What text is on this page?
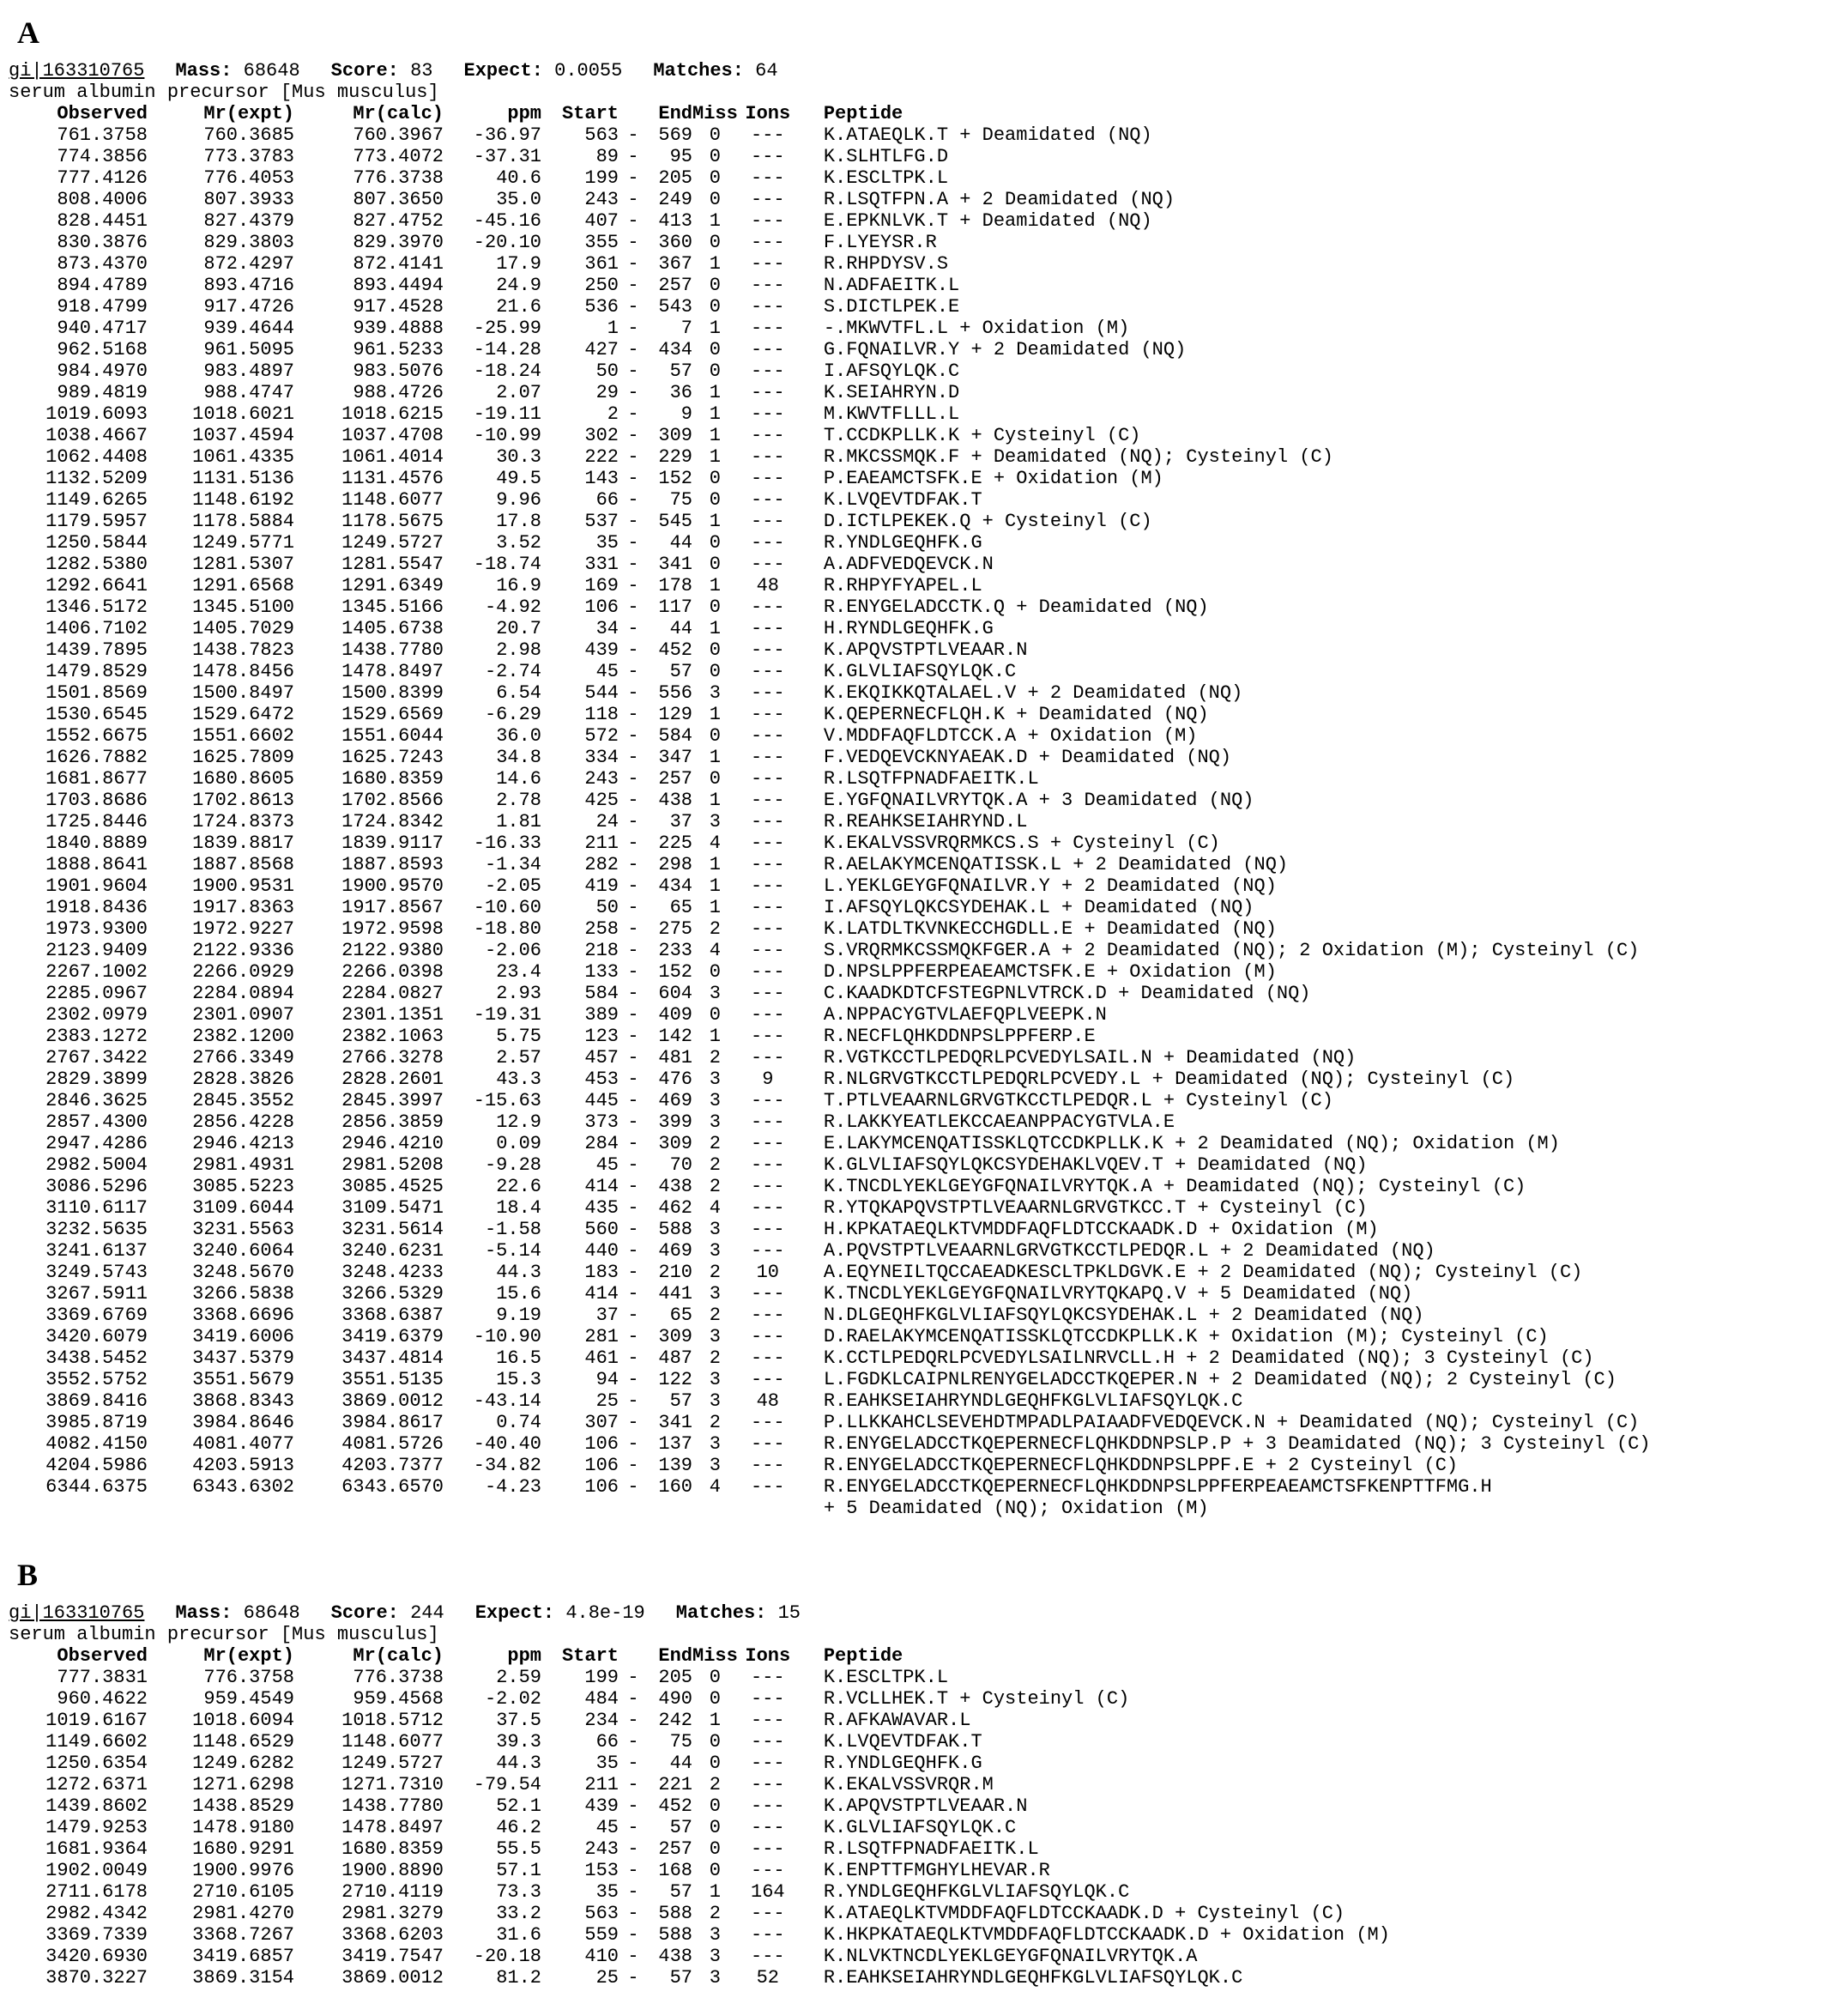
A
gi|163310765 Mass: 68648 Score: 83 Expect: 0.0055 Matches: 64
serum albumin precursor [Mus musculus]
Observed	Mr(expt)	Mr(calc)	ppm	Start		End	Miss	Ions	Peptide
761.3758	760.3685	760.3967	-36.97	563	-	569	0	---	K.ATAEQLK.T + Deamidated (NQ)
774.3856	773.3783	773.4072	-37.31	89	-	95	0	---	K.SLHTLFG.D
777.4126	776.4053	776.3738	40.6	199	-	205	0	---	K.ESCLTPK.L
808.4006	807.3933	807.3650	35.0	243	-	249	0	---	R.LSQTFPN.A + 2 Deamidated (NQ)
828.4451	827.4379	827.4752	-45.16	407	-	413	1	---	E.EPKNLVK.T + Deamidated (NQ)
830.3876	829.3803	829.3970	-20.10	355	-	360	0	---	F.LYEYSR.R
873.4370	872.4297	872.4141	17.9	361	-	367	1	---	R.RHPDYSV.S
894.4789	893.4716	893.4494	24.9	250	-	257	0	---	N.ADFAEITK.L
918.4799	917.4726	917.4528	21.6	536	-	543	0	---	S.DICTLPEK.E
940.4717	939.4644	939.4888	-25.99	1	-	7	1	---	-.MKWVTFL.L + Oxidation (M)
962.5168	961.5095	961.5233	-14.28	427	-	434	0	---	G.FQNAILVR.Y + 2 Deamidated (NQ)
984.4970	983.4897	983.5076	-18.24	50	-	57	0	---	I.AFSQYLQK.C
989.4819	988.4747	988.4726	2.07	29	-	36	1	---	K.SEIAHRYN.D
1019.6093	1018.6021	1018.6215	-19.11	2	-	9	1	---	M.KWVTFLLL.L
1038.4667	1037.4594	1037.4708	-10.99	302	-	309	1	---	T.CCDKPLLK.K + Cysteinyl (C)
1062.4408	1061.4335	1061.4014	30.3	222	-	229	1	---	R.MKCSSMQK.F + Deamidated (NQ); Cysteinyl (C)
1132.5209	1131.5136	1131.4576	49.5	143	-	152	0	---	P.EAEAMCTSFK.E + Oxidation (M)
1149.6265	1148.6192	1148.6077	9.96	66	-	75	0	---	K.LVQEVTDFAK.T
1179.5957	1178.5884	1178.5675	17.8	537	-	545	1	---	D.ICTLPEKEK.Q + Cysteinyl (C)
1250.5844	1249.5771	1249.5727	3.52	35	-	44	0	---	R.YNDLGEQHFK.G
1282.5380	1281.5307	1281.5547	-18.74	331	-	341	0	---	A.ADFVEDQEVCK.N
1292.6641	1291.6568	1291.6349	16.9	169	-	178	1	48	R.RHPYFYAPEL.L
1346.5172	1345.5100	1345.5166	-4.92	106	-	117	0	---	R.ENYGELADCCTK.Q + Deamidated (NQ)
1406.7102	1405.7029	1405.6738	20.7	34	-	44	1	---	H.RYNDLGEQHFK.G
1439.7895	1438.7823	1438.7780	2.98	439	-	452	0	---	K.APQVSTPTLVEAAR.N
1479.8529	1478.8456	1478.8497	-2.74	45	-	57	0	---	K.GLVLIAFSQYLQK.C
1501.8569	1500.8497	1500.8399	6.54	544	-	556	3	---	K.EKQIKKQTALAEL.V + 2 Deamidated (NQ)
1530.6545	1529.6472	1529.6569	-6.29	118	-	129	1	---	K.QEPERNECFLQH.K + Deamidated (NQ)
1552.6675	1551.6602	1551.6044	36.0	572	-	584	0	---	V.MDDFAQFLDTCCK.A + Oxidation (M)
1626.7882	1625.7809	1625.7243	34.8	334	-	347	1	---	F.VEDQEVCKNYAEAK.D + Deamidated (NQ)
1681.8677	1680.8605	1680.8359	14.6	243	-	257	0	---	R.LSQTFPNADFAEITK.L
1703.8686	1702.8613	1702.8566	2.78	425	-	438	1	---	E.YGFQNAILVRYTQK.A + 3 Deamidated (NQ)
1725.8446	1724.8373	1724.8342	1.81	24	-	37	3	---	R.REAHKSEIAHRYND.L
1840.8889	1839.8817	1839.9117	-16.33	211	-	225	4	---	K.EKALVSSVRQRMKCS.S + Cysteinyl (C)
1888.8641	1887.8568	1887.8593	-1.34	282	-	298	1	---	R.AELAKYMCENQATISSK.L + 2 Deamidated (NQ)
1901.9604	1900.9531	1900.9570	-2.05	419	-	434	1	---	L.YEKLGEYGFQNAILVR.Y + 2 Deamidated (NQ)
1918.8436	1917.8363	1917.8567	-10.60	50	-	65	1	---	I.AFSQYLQKCSYDEHAK.L + Deamidated (NQ)
1973.9300	1972.9227	1972.9598	-18.80	258	-	275	2	---	K.LATDLTKVNKECCHGDLL.E + Deamidated (NQ)
2123.9409	2122.9336	2122.9380	-2.06	218	-	233	4	---	S.VRQRMKCSSMQKFGER.A + 2 Deamidated (NQ); 2 Oxidation (M); Cysteinyl (C)
2267.1002	2266.0929	2266.0398	23.4	133	-	152	0	---	D.NPSLPPFERPEAEAMCTSFK.E + Oxidation (M)
2285.0967	2284.0894	2284.0827	2.93	584	-	604	3	---	C.KAADKDTCFSTEGPNLVTRCK.D + Deamidated (NQ)
2302.0979	2301.0907	2301.1351	-19.31	389	-	409	0	---	A.NPPACYGTVLAEFQPLVEEPK.N
2383.1272	2382.1200	2382.1063	5.75	123	-	142	1	---	R.NECFLQHKDDNPSLPPFERP.E
2767.3422	2766.3349	2766.3278	2.57	457	-	481	2	---	R.VGTKCCTLPEDQRLPCVEDYLSAIL.N + Deamidated (NQ)
2829.3899	2828.3826	2828.2601	43.3	453	-	476	3	9	R.NLGRVGTKCCTLPEDQRLPCVEDY.L + Deamidated (NQ); Cysteinyl (C)
2846.3625	2845.3552	2845.3997	-15.63	445	-	469	3	---	T.PTLVEAARNLGRVGTKCCTLPEDQR.L + Cysteinyl (C)
2857.4300	2856.4228	2856.3859	12.9	373	-	399	3	---	R.LAKKYEATLEKCCAEANPPACYGTVLA.E
2947.4286	2946.4213	2946.4210	0.09	284	-	309	2	---	E.LAKYMCENQATISSKLQTCCDKPLLK.K + 2 Deamidated (NQ); Oxidation (M)
2982.5004	2981.4931	2981.5208	-9.28	45	-	70	2	---	K.GLVLIAFSQYLQKCSYDEHAKLVQEV.T + Deamidated (NQ)
3086.5296	3085.5223	3085.4525	22.6	414	-	438	2	---	K.TNCDLYEKLGEYGFQNAILVRYTQK.A + Deamidated (NQ); Cysteinyl (C)
3110.6117	3109.6044	3109.5471	18.4	435	-	462	4	---	R.YTQKAPQVSTPTLVEAARNLGRVGTKCC.T + Cysteinyl (C)
3232.5635	3231.5563	3231.5614	-1.58	560	-	588	3	---	H.KPKATAEQLKTVMDDFAQFLDTCCKAADK.D + Oxidation (M)
3241.6137	3240.6064	3240.6231	-5.14	440	-	469	3	---	A.PQVSTPTLVEAARNLGRVGTKCCTLPEDQR.L + 2 Deamidated (NQ)
3249.5743	3248.5670	3248.4233	44.3	183	-	210	2	10	A.EQYNEILTQCCAEADKESCLTPKLDGVK.E + 2 Deamidated (NQ); Cysteinyl (C)
3267.5911	3266.5838	3266.5329	15.6	414	-	441	3	---	K.TNCDLYEKLGEYGFQNAILVRYTQKAPQ.V + 5 Deamidated (NQ)
3369.6769	3368.6696	3368.6387	9.19	37	-	65	2	---	N.DLGEQHFKGLVLIAFSQYLQKCSYDEHAK.L + 2 Deamidated (NQ)
3420.6079	3419.6006	3419.6379	-10.90	281	-	309	3	---	D.RAELAKYMCENQATISSKLQTCCDKPLLK.K + Oxidation (M); Cysteinyl (C)
3438.5452	3437.5379	3437.4814	16.5	461	-	487	2	---	K.CCTLPEDQRLPCVEDYLSAILNRVCLL.H + 2 Deamidated (NQ); 3 Cysteinyl (C)
3552.5752	3551.5679	3551.5135	15.3	94	-	122	3	---	L.FGDKLCAIPNLRENYGELADCCTKQEPER.N + 2 Deamidated (NQ); 2 Cysteinyl (C)
3869.8416	3868.8343	3869.0012	-43.14	25	-	57	3	48	R.EAHKSEIAHRYNDLGEQHFKGLVLIAFSQYLQK.C
3985.8719	3984.8646	3984.8617	0.74	307	-	341	2	---	P.LLKKAHCLSEVEHDTMPADLPAIAADFVEDQEVCK.N + Deamidated (NQ); Cysteinyl (C)
4082.4150	4081.4077	4081.5726	-40.40	106	-	137	3	---	R.ENYGELADCCTKQEPERNECFLQHKDDNPSLP.P + 3 Deamidated (NQ); 3 Cysteinyl (C)
4204.5986	4203.5913	4203.7377	-34.82	106	-	139	3	---	R.ENYGELADCCTKQEPERNECFLQHKDDNPSLPPF.E + 2 Cysteinyl (C)
6344.6375	6343.6302	6343.6570	-4.23	106	-	160	4	---	R.ENYGELADCCTKQEPERNECFLQHKDDNPSLPPFERPEAEAMCTSFKENPTTFMG.H
+ 5 Deamidated (NQ); Oxidation (M)
B
gi|163310765 Mass: 68648 Score: 244 Expect: 4.8e-19 Matches: 15
serum albumin precursor [Mus musculus]
Observed	Mr(expt)	Mr(calc)	ppm	Start		End	Miss	Ions	Peptide
777.3831	776.3758	776.3738	2.59	199	-	205	0	---	K.ESCLTPK.L
960.4622	959.4549	959.4568	-2.02	484	-	490	0	---	R.VCLLHEK.T + Cysteinyl (C)
1019.6167	1018.6094	1018.5712	37.5	234	-	242	1	---	R.AFKAWAVAR.L
1149.6602	1148.6529	1148.6077	39.3	66	-	75	0	---	K.LVQEVTDFAK.T
1250.6354	1249.6282	1249.5727	44.3	35	-	44	0	---	R.YNDLGEQHFK.G
1272.6371	1271.6298	1271.7310	-79.54	211	-	221	2	---	K.EKALVSSVRQR.M
1439.8602	1438.8529	1438.7780	52.1	439	-	452	0	---	K.APQVSTPTLVEAAR.N
1479.9253	1478.9180	1478.8497	46.2	45	-	57	0	---	K.GLVLIAFSQYLQK.C
1681.9364	1680.9291	1680.8359	55.5	243	-	257	0	---	R.LSQTFPNADFAEITK.L
1902.0049	1900.9976	1900.8890	57.1	153	-	168	0	---	K.ENPTTFMGHYLHEVAR.R
2711.6178	2710.6105	2710.4119	73.3	35	-	57	1	164	R.YNDLGEQHFKGLVLIAFSQYLQK.C
2982.4342	2981.4270	2981.3279	33.2	563	-	588	2	---	K.ATAEQLKTVMDDFAQFLDTCCKAADK.D + Cysteinyl (C)
3369.7339	3368.7267	3368.6203	31.6	559	-	588	3	---	K.HKPKATAEQLKTVMDDFAQFLDTCCKAADK.D + Oxidation (M)
3420.6930	3419.6857	3419.7547	-20.18	410	-	438	3	---	K.NLVKTNCDLYEKLGEYGFQNAILVRYTQK.A
3870.3227	3869.3154	3869.0012	81.2	25	-	57	3	52	R.EAHKSEIAHRYNDLGEQHFKGLVLIAFSQYLQK.C
